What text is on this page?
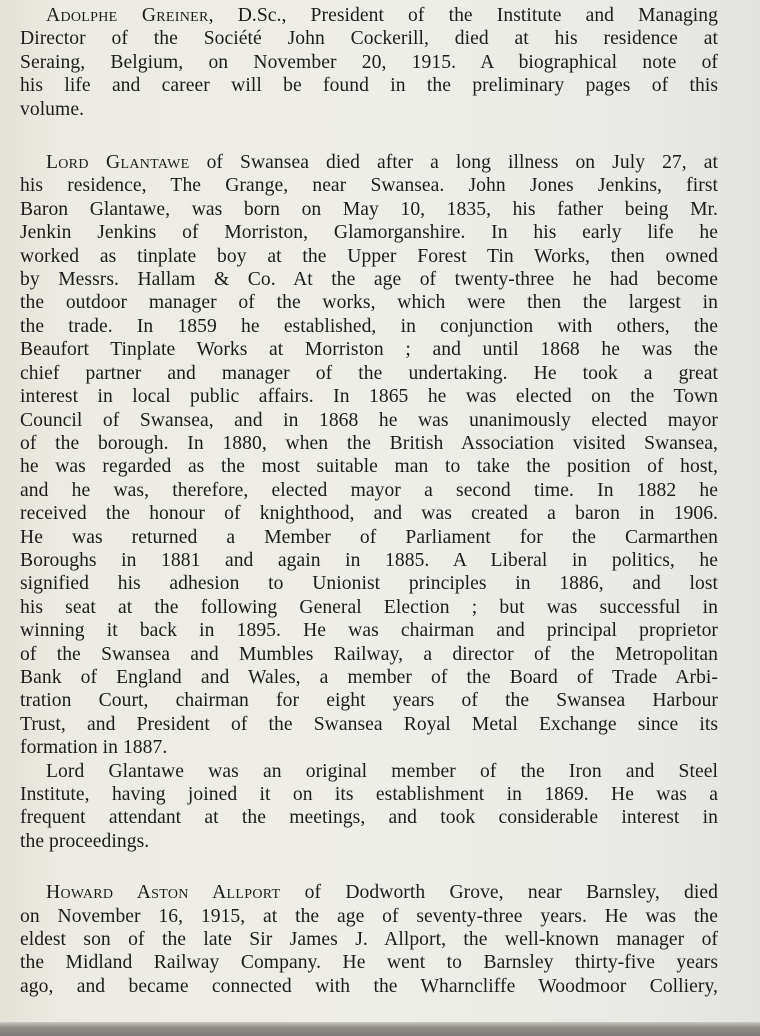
Adolphe Greiner, D.Sc., President of the Institute and Managing
Director of the Société John Cockerill, died at his residence at
Seraing, Belgium, on November 20, 1915. A biographical note of
his life and career will be found in the preliminary pages of this
volume.

Lord Glantawe of Swansea died after a long illness on July 27, at
his residence, The Grange, near Swansea. John Jones Jenkins, first
Baron Glantawe, was born on May 10, 1835, his father being Mr.
Jenkin Jenkins of Morriston, Glamorganshire. In his early life he
worked as tinplate boy at the Upper Forest Tin Works, then owned
by Messrs. Hallam & Co. At the age of twenty-three he had become
the outdoor manager of the works, which were then the largest in
the trade. In 1859 he established, in conjunction with others, the
Beaufort Tinplate Works at Morriston ; and until 1868 he was the
chief partner and manager of the undertaking. He took a great
interest in local public affairs. In 1865 he was elected on the Town
Council of Swansea, and in 1868 he was unanimously elected mayor
of the borough. In 1880, when the British Association visited Swansea,
he was regarded as the most suitable man to take the position of host,
and he was, therefore, elected mayor a second time. In 1882 he
received the honour of knighthood, and was created a baron in 1906.
He was returned a Member of Parliament for the Carmarthen
Boroughs in 1881 and again in 1885. A Liberal in politics, he
signified his adhesion to Unionist principles in 1886, and lost
his seat at the following General Election ; but was successful in
winning it back in 1895. He was chairman and principal proprietor
of the Swansea and Mumbles Railway, a director of the Metropolitan
Bank of England and Wales, a member of the Board of Trade Arbi-
tration Court, chairman for eight years of the Swansea Harbour
Trust, and President of the Swansea Royal Metal Exchange since its
formation in 1887.

Lord Glantawe was an original member of the Iron and Steel
Institute, having joined it on its establishment in 1869. He was a
frequent attendant at the meetings, and took considerable interest in
the proceedings.

Howard Aston Allport of Dodworth Grove, near Barnsley, died
on November 16, 1915, at the age of seventy-three years. He was the
eldest son of the late Sir James J. Allport, the well-known manager of
the Midland Railway Company. He went to Barnsley thirty-five years
ago, and became connected with the Wharncliffe Woodmoor Colliery,
